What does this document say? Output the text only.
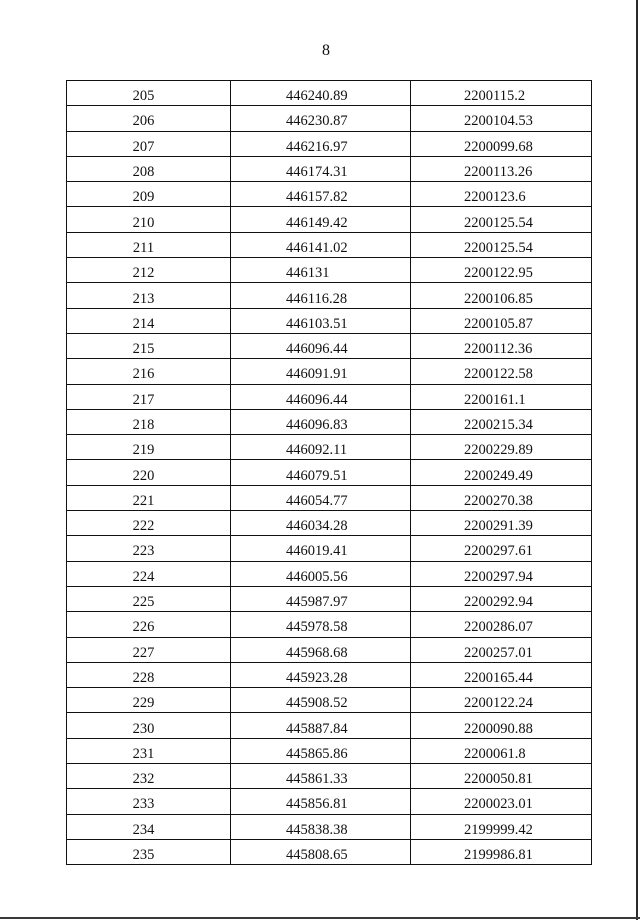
8
205	446240.89	2200115.2
206	446230.87	2200104.53
207	446216.97	2200099.68
208	446174.31	2200113.26
209	446157.82	2200123.6
210	446149.42	2200125.54
211	446141.02	2200125.54
212	446131	2200122.95
213	446116.28	2200106.85
214	446103.51	2200105.87
215	446096.44	2200112.36
216	446091.91	2200122.58
217	446096.44	2200161.1
218	446096.83	2200215.34
219	446092.11	2200229.89
220	446079.51	2200249.49
221	446054.77	2200270.38
222	446034.28	2200291.39
223	446019.41	2200297.61
224	446005.56	2200297.94
225	445987.97	2200292.94
226	445978.58	2200286.07
227	445968.68	2200257.01
228	445923.28	2200165.44
229	445908.52	2200122.24
230	445887.84	2200090.88
231	445865.86	2200061.8
232	445861.33	2200050.81
233	445856.81	2200023.01
234	445838.38	2199999.42
235	445808.65	2199986.81
